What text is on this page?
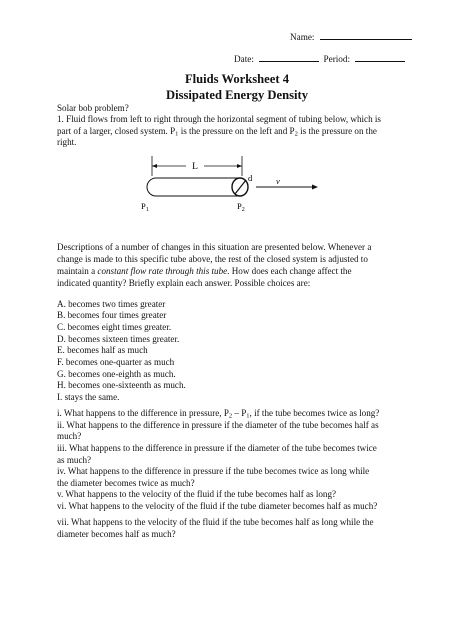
Name:
Date:	Period:
Fluids Worksheet 4
Dissipated Energy Density
Solar bob problem?
1. Fluid flows from left to right through the horizontal segment of tubing below, which is
part of a larger, closed system. $P_1$ is the pressure on the left and $P_2$ is the pressure on the
right.
L
d	v
$P_1$	$P_2$
Descriptions of a number of changes in this situation are presented below. Whenever a
change is made to this specific tube above, the rest of the closed system is adjusted to
maintain a constant flow rate through this tube. How does each change affect the
indicated quantity? Briefly explain each answer. Possible choices are:
A. becomes two times greater
B. becomes four times greater
C. becomes eight times greater.
D. becomes sixteen times greater.
E. becomes half as much
F. becomes one-quarter as much
G. becomes one-eighth as much.
H. becomes one-sixteenth as much.
I. stays the same.
i. What happens to the difference in pressure, $P_2 - P_1$, if the tube becomes twice as long?
ii. What happens to the difference in pressure if the diameter of the tube becomes half as
much?
iii. What happens to the difference in pressure if the diameter of the tube becomes twice
as much?
iv. What happens to the difference in pressure if the tube becomes twice as long while
the diameter becomes twice as much?
v. What happens to the velocity of the fluid if the tube becomes half as long?
vi. What happens to the velocity of the fluid if the tube diameter becomes half as much?
vii. What happens to the velocity of the fluid if the tube becomes half as long while the
diameter becomes half as much?
